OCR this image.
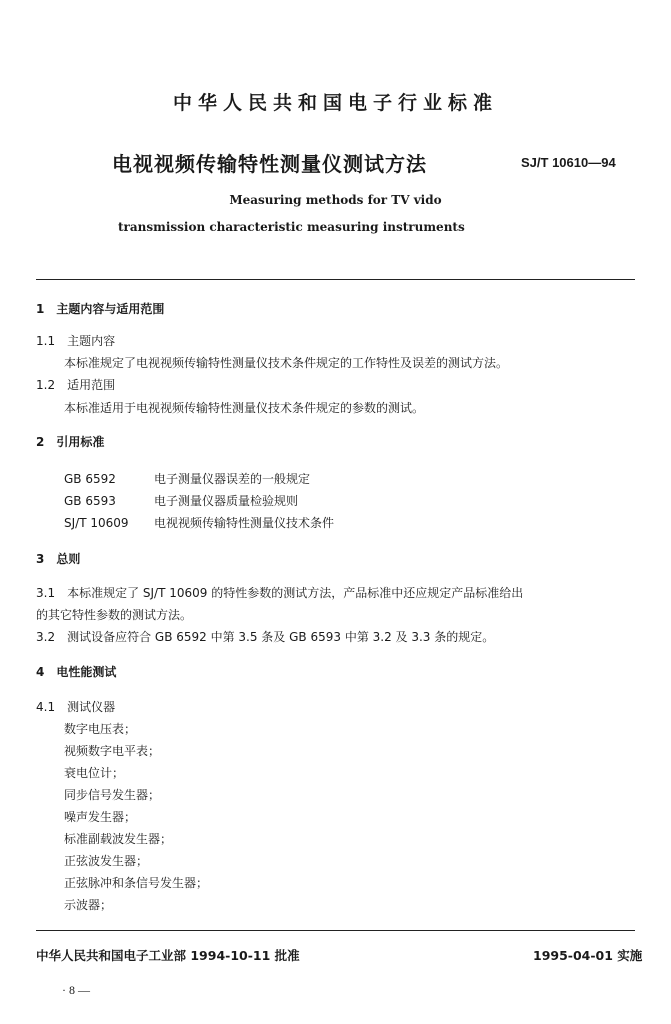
中华人民共和国电子行业标准
电视视频传输特性测量仪测试方法	SJ/T 10610—94
Measuring methods for TV vido
transmission characteristic measuring instruments
1　主题内容与适用范围
1.1　主题内容
本标准规定了电视视频传输特性测量仪技术条件规定的工作特性及误差的测试方法。
1.2　适用范围
本标准适用于电视视频传输特性测量仪技术条件规定的参数的测试。
2　引用标准
GB 6592	电子测量仪器误差的一般规定
GB 6593	电子测量仪器质量检验规则
SJ/T 10609 电视视频传输特性测量仪技术条件
3　总则
3.1　本标准规定了 SJ/T 10609 的特性参数的测试方法，产品标准中还应规定产品标准给出
的其它特性参数的测试方法。
3.2　测试设备应符合 GB 6592 中第 3.5 条及 GB 6593 中第 3.2 及 3.3 条的规定。
4　电性能测试
4.1　测试仪器
数字电压表；
视频数字电平表；
衰电位计；
同步信号发生器；
噪声发生器；
标准副载波发生器；
正弦波发生器；
正弦脉冲和条信号发生器；
示波器；
中华人民共和国电子工业部 1994-10-11 批准	1995-04-01 实施
· 8 —
